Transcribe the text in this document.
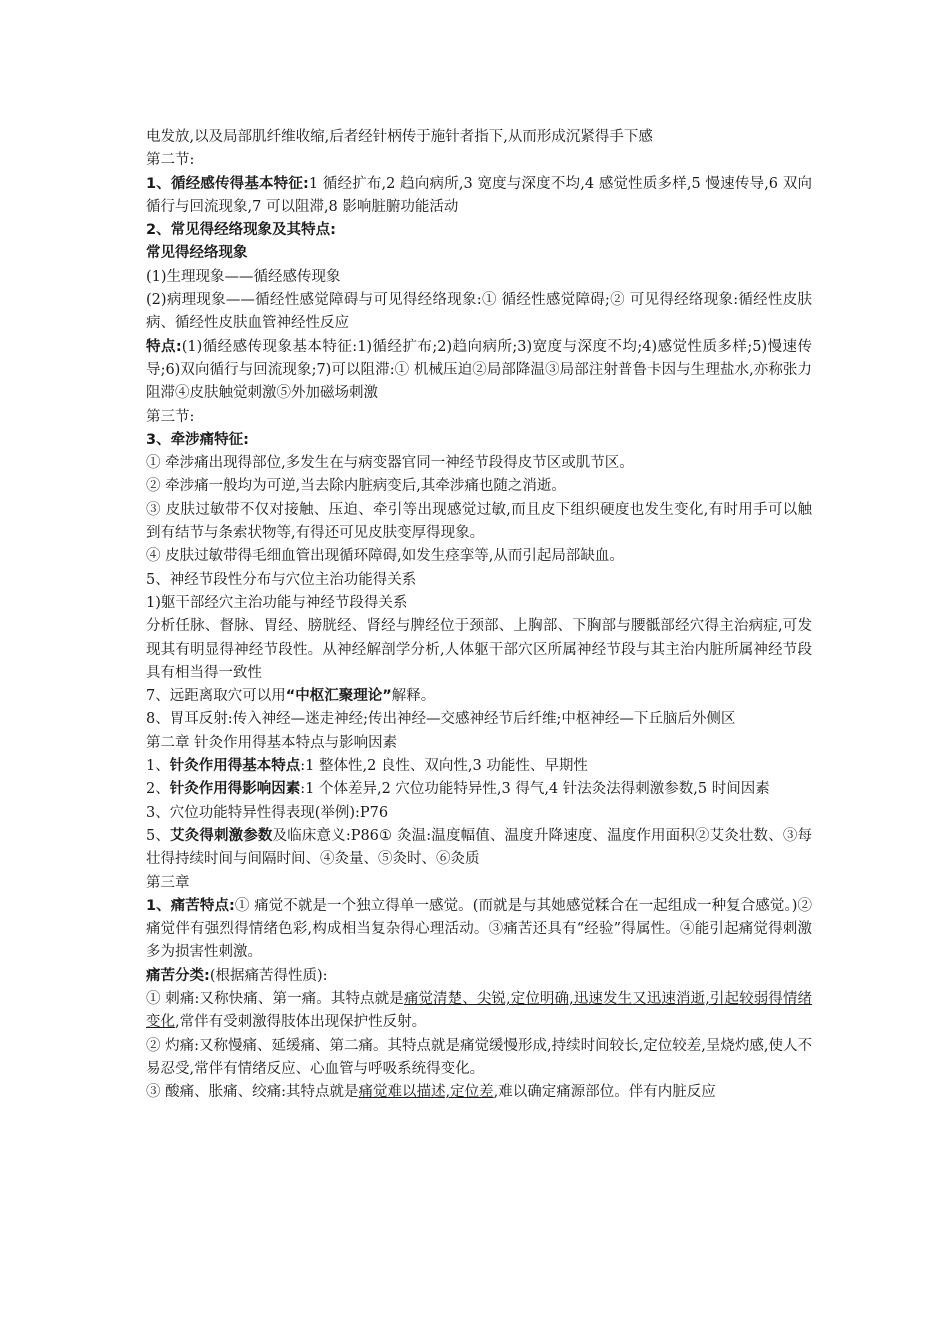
电发放,以及局部肌纤维收缩,后者经针柄传于施针者指下,从而形成沉紧得手下感

第二节:

1、循经感传得基本特征:1 循经扩布,2 趋向病所,3 宽度与深度不均,4 感觉性质多样,5 慢速传导,6 双向循行与回流现象,7 可以阻滞,8 影响脏腑功能活动

2、常见得经络现象及其特点:

常见得经络现象

(1)生理现象——循经感传现象

(2)病理现象——循经性感觉障碍与可见得经络现象:① 循经性感觉障碍;② 可见得经络现象:循经性皮肤病、循经性皮肤血管神经性反应

特点:(1)循经感传现象基本特征:1)循经扩布;2)趋向病所;3)宽度与深度不均;4)感觉性质多样;5)慢速传导;6)双向循行与回流现象;7)可以阻滞:① 机械压迫②局部降温③局部注射普鲁卡因与生理盐水,亦称张力阻滞④皮肤触觉刺激⑤外加磁场刺激

第三节:

3、牵涉痛特征:

① 牵涉痛出现得部位,多发生在与病变器官同一神经节段得皮节区或肌节区。

② 牵涉痛一般均为可逆,当去除内脏病变后,其牵涉痛也随之消逝。

③ 皮肤过敏带不仅对接触、压迫、牵引等出现感觉过敏,而且皮下组织硬度也发生变化,有时用手可以触到有结节与条索状物等,有得还可见皮肤变厚得现象。

④ 皮肤过敏带得毛细血管出现循环障碍,如发生痉挛等,从而引起局部缺血。

5、神经节段性分布与穴位主治功能得关系

1)躯干部经穴主治功能与神经节段得关系

分析任脉、督脉、胃经、膀胱经、肾经与脾经位于颈部、上胸部、下胸部与腰骶部经穴得主治病症,可发现其有明显得神经节段性。从神经解剖学分析,人体躯干部穴区所属神经节段与其主治内脏所属神经节段具有相当得一致性

7、远距离取穴可以用“中枢汇聚理论”解释。

8、胃耳反射:传入神经—迷走神经;传出神经—交感神经节后纤维;中枢神经—下丘脑后外侧区

第二章 针灸作用得基本特点与影响因素

1、针灸作用得基本特点:1 整体性,2 良性、双向性,3 功能性、早期性

2、针灸作用得影响因素:1 个体差异,2 穴位功能特异性,3 得气,4 针法灸法得刺激参数,5 时间因素

3、穴位功能特异性得表现(举例):P76

5、艾灸得刺激参数及临床意义:P86① 灸温:温度幅值、温度升降速度、温度作用面积②艾灸壮数、③每壮得持续时间与间隔时间、④灸量、⑤灸时、⑥灸质

第三章

1、痛苦特点:① 痛觉不就是一个独立得单一感觉。(而就是与其她感觉糅合在一起组成一种复合感觉。)② 痛觉伴有强烈得情绪色彩,构成相当复杂得心理活动。③痛苦还具有“经验”得属性。④能引起痛觉得刺激多为损害性刺激。

痛苦分类:(根据痛苦得性质):

① 刺痛:又称快痛、第一痛。其特点就是痛觉清楚、尖锐,定位明确,迅速发生又迅速消逝,引起较弱得情绪变化,常伴有受刺激得肢体出现保护性反射。

② 灼痛:又称慢痛、延缓痛、第二痛。其特点就是痛觉缓慢形成,持续时间较长,定位较差,呈烧灼感,使人不易忍受,常伴有情绪反应、心血管与呼吸系统得变化。

③ 酸痛、胀痛、绞痛:其特点就是痛觉难以描述,定位差,难以确定痛源部位。伴有内脏反应
